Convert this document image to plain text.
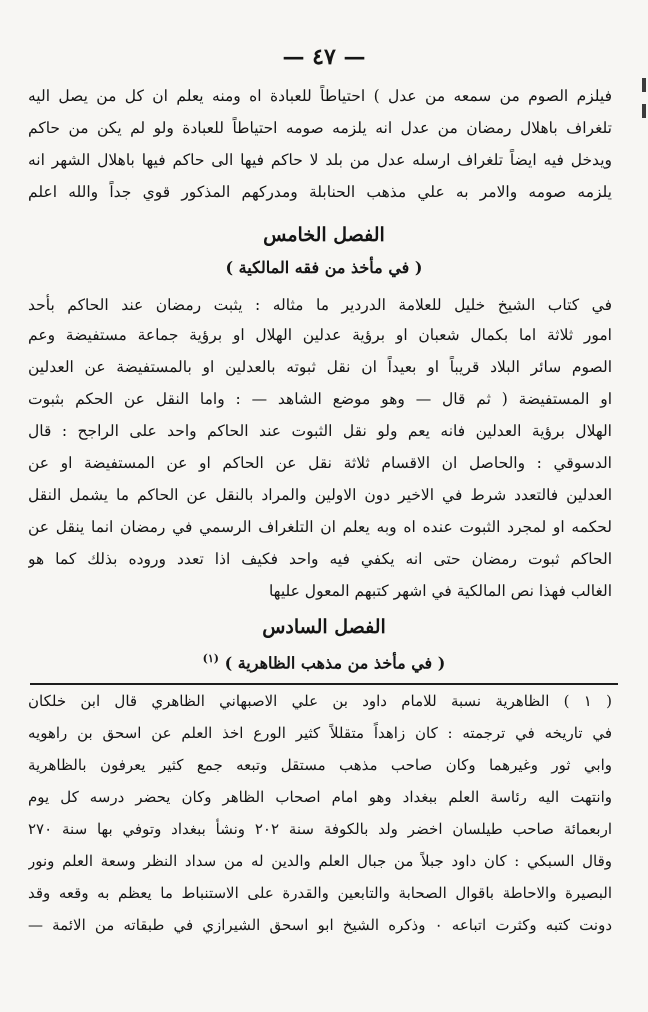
— ٤٧ —
فيلزم الصوم من سمعه من عدل ) احتياطاً للعبادة اه ومنه يعلم ان كل من يصل اليه
تلغراف باهلال رمضان من عدل انه يلزمه صومه احتياطاً للعبادة ولو لم يكن من حاكم
ويدخل فيه ايضاً تلغراف ارسله عدل من بلد لا حاكم فيها الى حاكم فيها باهلال الشهر انه
يلزمه صومه والامر به علي مذهب الحنابلة ومدركهم المذكور قوي جداً والله اعلم
الفصل الخامس
( في مأخذ من فقه المالكية )
في كتاب الشيخ خليل للعلامة الدردير ما مثاله : يثبت رمضان عند الحاكم بأحد
امور ثلاثة اما بكمال شعبان او برؤية عدلين الهلال او برؤية جماعة مستفيضة وعم
الصوم سائر البلاد قريباً او بعيداً ان نقل ثبوته بالعدلين او بالمستفيضة عن العدلين
او المستفيضة ( ثم قال — وهو موضع الشاهد — : واما النقل عن الحكم بثبوت
الهلال برؤية العدلين فانه يعم ولو نقل الثبوت عند الحاكم واحد على الراجح : قال
الدسوقي : والحاصل ان الاقسام ثلاثة نقل عن الحاكم او عن المستفيضة او عن
العدلين فالتعدد شرط في الاخير دون الاولين والمراد بالنقل عن الحاكم ما يشمل النقل
لحكمه او لمجرد الثبوت عنده اه وبه يعلم ان التلغراف الرسمي في رمضان انما ينقل عن
الحاكم ثبوت رمضان حتى انه يكفي فيه واحد فكيف اذا تعدد وروده بذلك كما هو
الغالب فهذا نص المالكية في اشهر كتبهم المعول عليها
الفصل السادس
( في مأخذ من مذهب الظاهرية ) $^{(١)}$
( ١ ) الظاهرية نسبة للامام داود بن علي الاصبهاني الظاهري قال ابن خلكان
في تاريخه في ترجمته : كان زاهداً متقللاً كثير الورع اخذ العلم عن اسحق بن راهويه
وابي ثور وغيرهما وكان صاحب مذهب مستقل وتبعه جمع كثير يعرفون بالظاهرية
وانتهت اليه رئاسة العلم ببغداد وهو امام اصحاب الظاهر وكان يحضر درسه كل يوم
اربعمائة صاحب طيلسان اخضر ولد بالكوفة سنة ٢٠٢ ونشأ ببغداد وتوفي بها سنة ٢٧٠
وقال السبكي : كان داود جبلاً من جبال العلم والدين له من سداد النظر وسعة العلم ونور
البصيرة والاحاطة باقوال الصحابة والتابعين والقدرة على الاستنباط ما يعظم به وقعه وقد
دونت كتبه وكثرت اتباعه ٠ وذكره الشيخ ابو اسحق الشيرازي في طبقاته من الائمة —
